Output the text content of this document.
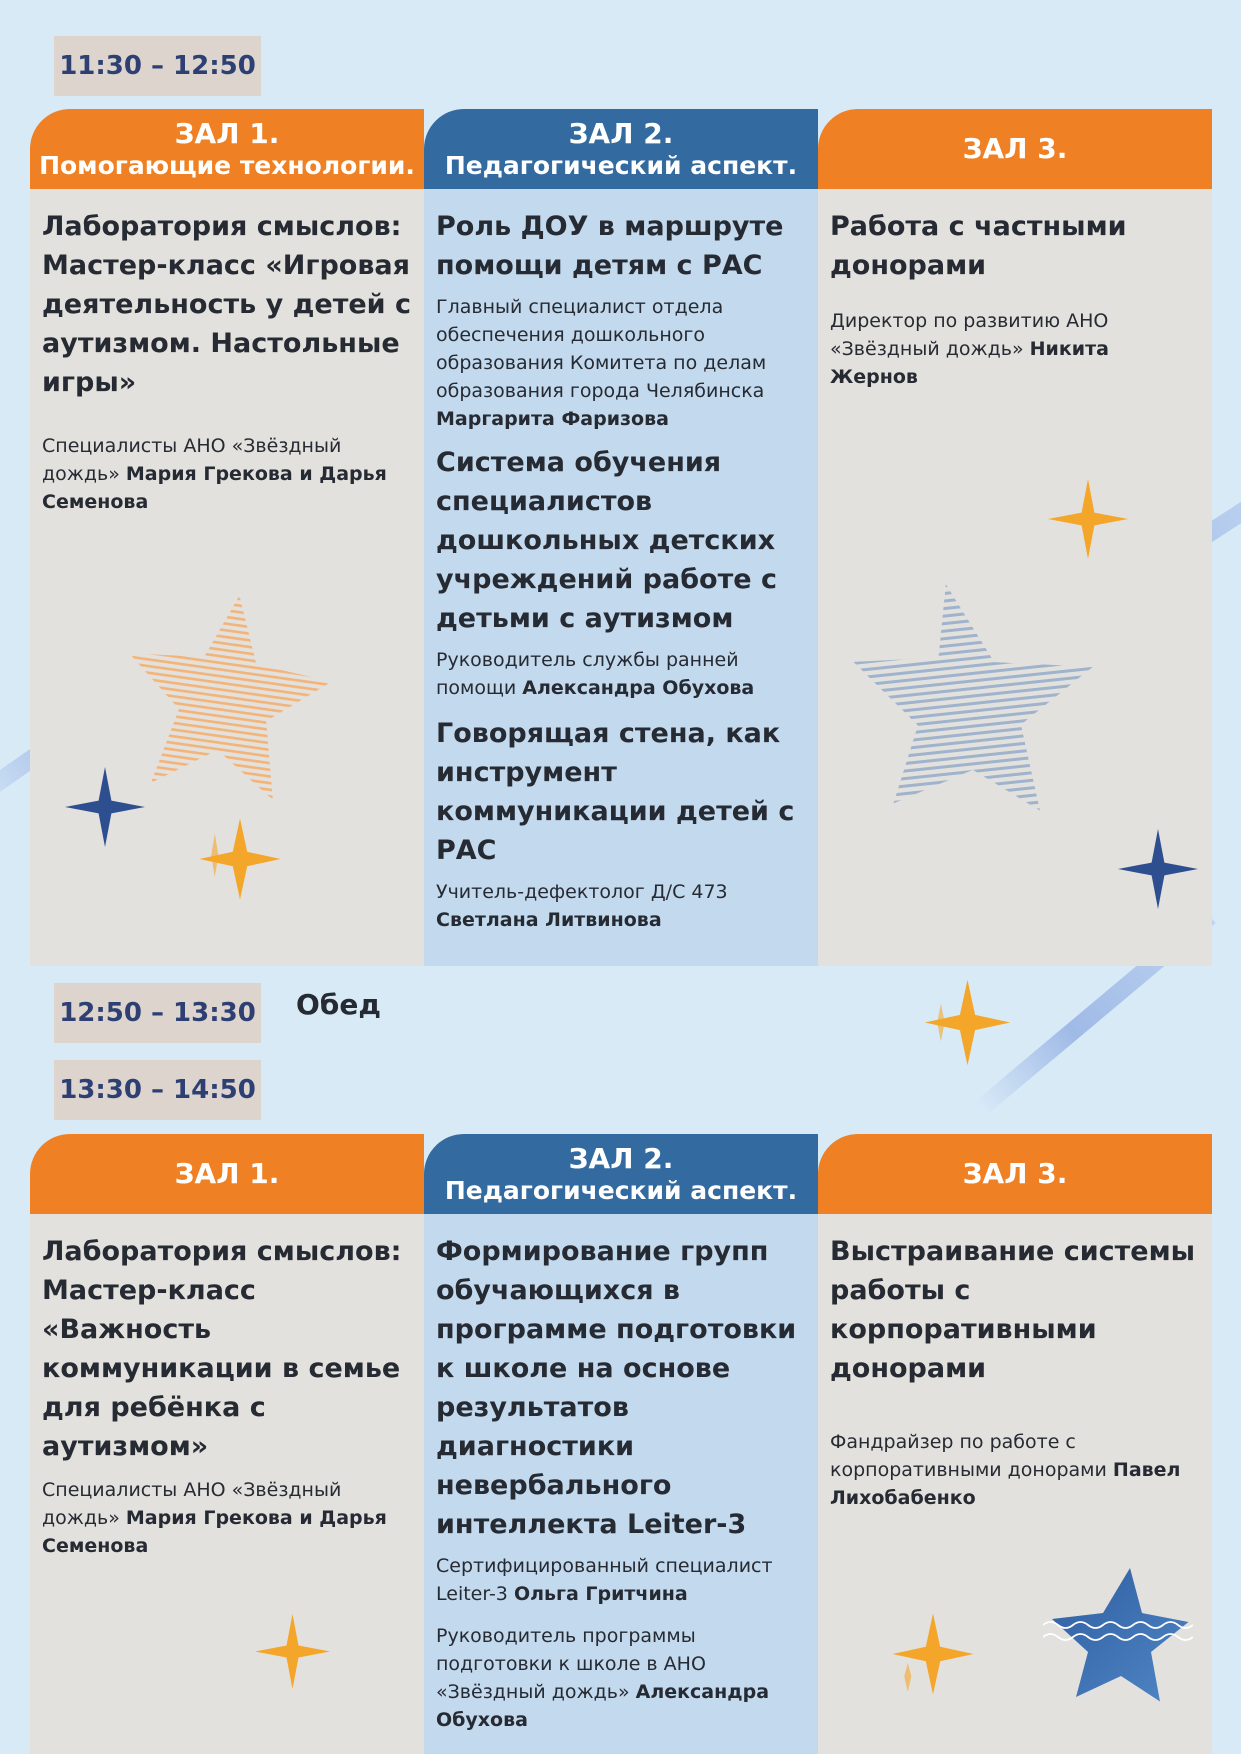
11:30 – 12:50
ЗАЛ 1.
Помогающие технологии.
ЗАЛ 2.
Педагогический аспект.
ЗАЛ 3.

Лаборатория смыслов: Мастер-класс «Игровая деятельность у детей с аутизмом. Настольные игры»

Специалисты АНО «Звёздный дождь» Мария Грекова и Дарья Семенова

Роль ДОУ в маршруте помощи детям с РАС

Главный специалист отдела обеспечения дошкольного образования Комитета по делам образования города Челябинска Маргарита Фаризова

Система обучения специалистов дошкольных детских учреждений работе с детьми с аутизмом

Руководитель службы ранней помощи Александра Обухова

Говорящая стена, как инструмент коммуникации детей с РАС

Учитель-дефектолог Д/С 473 Светлана Литвинова

Работа с частными донорами

Директор по развитию АНО «Звёздный дождь» Никита Жернов

12:50 – 13:30 Обед
13:30 – 14:50
ЗАЛ 1.	ЗАЛ 2.
Педагогический аспект.
ЗАЛ 3.

Лаборатория смыслов: Мастер-класс «Важность коммуникации в семье для ребёнка с аутизмом»

Специалисты АНО «Звёздный дождь» Мария Грекова и Дарья Семенова

Формирование групп обучающихся в программе подготовки к школе на основе результатов диагностики невербального интеллекта Leiter-3

Сертифицированный специалист Leiter-3 Ольга Гритчина

Руководитель программы подготовки к школе в АНО «Звёздный дождь» Александра Обухова

Выстраивание системы работы с корпоративными донорами

Фандрайзер по работе с корпоративными донорами Павел Лихобабенко
